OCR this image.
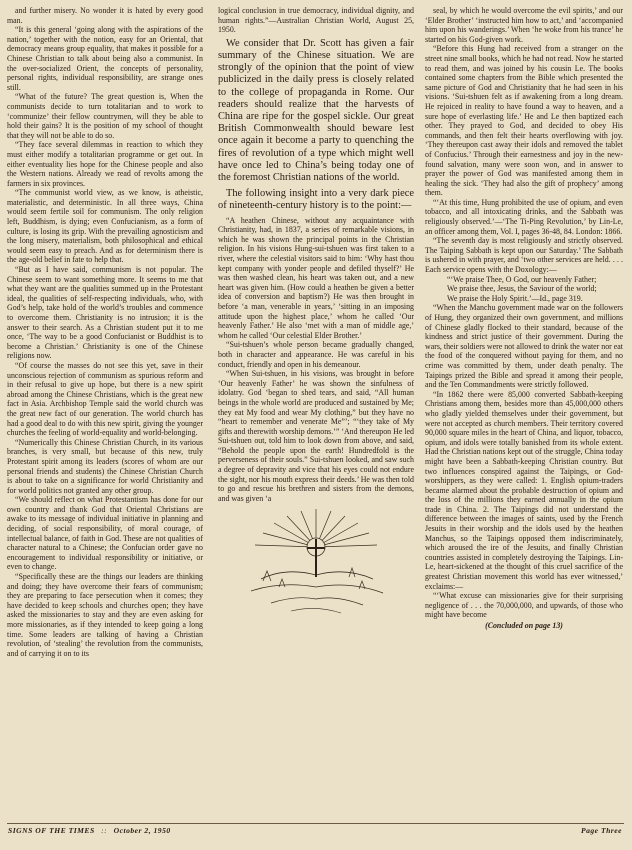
and further misery. No wonder it is hated by every good man.

“It is this general ‘going along with the aspirations of the nation,’ together with the notion, easy for an Oriental, that democracy means group equality, that makes it possible for a Chinese Christian to talk about being also a communist. In the over-socialized Orient, the concepts of personality, personal rights, individual responsibility, are strange ones still.

“What of the future? The great question is, When the communists decide to turn totalitarian and to work to ‘communize’ their fellow countrymen, will they be able to hold their gains? It is the position of my school of thought that they will not be able to do so.

“They face several dilemmas in reaction to which they must either modify a totalitarian programme or get out. In either eventuality lies hope for the Chinese people and also the Western nations. Already we read of revolts among the farmers in six provinces.

“The communist world view, as we know, is atheistic, materialistic, and deterministic. In all three ways, China would seem fertile soil for communism. The only religion left, Buddhism, is dying; even Confucianism, as a form of culture, is losing its grip. With the prevailing agnosticism and the long misery, materialism, both philosophical and ethical would seem easy to preach. And as for determinism there is the age-old belief in fate to help that.

“But as I have said, communism is not popular. The Chinese seem to want something more. It seems to me that what they want are the qualities summed up in the Protestant ideal, the qualities of self-respecting individuals, who, with God’s help, take hold of the world’s troubles and commence to overcome them. Christianity is no intrusion; it is the answer to their search. As a Christian student put it to me once, ‘The way to be a good Confucianist or Buddhist is to become a Christian.’ Christianity is one of the Chinese religions now.

“Of course the masses do not see this yet, save in their unconscious rejection of communism as spurious reform and in their refusal to give up hope, but there is a new spirit abroad among the Chinese Christians, which is the great new fact in Asia. Archbishop Temple said the world church was the great new fact of our generation. The world church has had a good deal to do with this new spirit, giving the younger churches the feeling of world-equality and world-belonging.

“Numerically this Chinese Christian Church, in its various branches, is very small, but because of this new, truly Protestant spirit among its leaders (scores of whom are our personal friends and students) the Chinese Christian Church is about to take on a significance for world Christianity and for world politics not granted any other group.

“We should reflect on what Protestantism has done for our own country and thank God that Oriental Christians are awake to its message of individual initiative in planning and deciding, of social responsibility, of moral courage, of intellectual balance, of faith in God. These are not qualities of character natural to a Chinese; the Confucian order gave no encouragement to individual responsibility or initiative, or even to change.

“Specifically these are the things our leaders are thinking and doing; they have overcome their fears of communism; they are preparing to face persecution when it comes; they have decided to keep schools and churches open; they have asked the missionaries to stay and they are even asking for more missionaries, as if they intended to keep going a long time. Some leaders are talking of having a Christian revolution, of ‘stealing’ the revolution from the communists, and of carrying it on to its

logical conclusion in true democracy, individual dignity, and human rights.”—Australian Christian World, August 25, 1950.

We consider that Dr. Scott has given a fair summary of the Chinese situation. We are strongly of the opinion that the point of view publicized in the daily press is closely related to the college of propaganda in Rome. Our readers should realize that the harvests of China are ripe for the gospel sickle. Our great British Commonwealth should beware lest once again it become a party to quenching the fires of revolution of a type which might well have once led to China’s being today one of the foremost Christian nations of the world.

The following insight into a very dark piece of nineteenth-century history is to the point:—

“A heathen Chinese, without any acquaintance with Christianity, had, in 1837, a series of remarkable visions, in which he was shown the principal points in the Christian religion. In his visions Hung-sui-tshuen was first taken to a river, where the celestial visitors said to him: ‘Why hast thou kept company with yonder people and defiled thyself?’ He was then washed clean, his heart was taken out, and a new heart was given him. (How could a heathen be given a better idea of conversion and baptism?) He was then brought in before ‘a man, venerable in years,’ ‘sitting in an imposing attitude upon the highest place,’ whom he called ‘Our heavenly Father.’ He also ‘met with a man of middle age,’ whom he called ‘Our celestial Elder Brother.’

“Sui-tshuen’s whole person became gradually changed, both in character and appearance. He was careful in his conduct, friendly and open in his demeanour.

“When Sui-tshuen, in his visions, was brought in before ‘Our heavenly Father’ he was shown the sinfulness of idolatry. God ‘began to shed tears, and said, “All human beings in the whole world are produced and sustained by Me; they eat My food and wear My clothing,” but they have no “heart to remember and venerate Me”’; “‘they take of My gifts and therewith worship demons.’” ‘And thereupon He led Sui-tshuen out, told him to look down from above, and said, “Behold the people upon the earth! Hundredfold is the perverseness of their souls.” Sui-tshuen looked, and saw such a degree of depravity and vice that his eyes could not endure the sight, nor his mouth express their deeds.’ He was then told to go and rescue his brethren and sisters from the demons, and was given ‘a

seal, by which he would overcome the evil spirits,’ and our ‘Elder Brother’ ‘instructed him how to act,’ and ‘accompanied him upon his wanderings.’ When ‘he woke from his trance’ he started on his God-given work.

“Before this Hung had received from a stranger on the street nine small books, which he had not read. Now he started to read them, and was joined by his cousin Le. The books contained some chapters from the Bible which presented the same picture of God and Christianity that he had seen in his visions. ‘Sui-tshuen felt as if awakening from a long dream. He rejoiced in reality to have found a way to heaven, and a sure hope of everlasting life.’ He and Le then baptized each other. They prayed to God, and decided to obey His commands, and then felt their hearts overflowing with joy. ‘They thereupon cast away their idols and removed the tablet of Confucius.’ Through their earnestness and joy in the new-found salvation, many were soon won, and in answer to prayer the power of God was manifested among them in healing the sick. ‘They had also the gift of prophecy’ among them.

“‘At this time, Hung prohibited the use of opium, and even tobacco, and all intoxicating drinks, and the Sabbath was religiously observed.’—‘The Ti-Ping Revolution,’ by Lin-Le, an officer among them, Vol. I, pages 36-48, 84. London: 1866.

“The seventh day is most religiously and strictly observed. The Taiping Sabbath is kept upon our Saturday.’ The Sabbath is ushered in with prayer, and ‘two other services are held. . . . Each service opens with the Doxology:—

“‘We praise Thee, O God, our heavenly Father;

We praise thee, Jesus, the Saviour of the world;

We praise the Holy Spirit.’—Id., page 319.

“When the Manchu government made war on the followers of Hung, they organized their own government, and millions of Chinese gladly flocked to their standard, because of the kindness and strict justice of their government. During the wars, their soldiers were not allowed to drink the water nor eat the food of the conquered without paying for them, and no crime was committed by them, under death penalty. The Taipings prized the Bible and spread it among their people, and the Ten Commandments were strictly followed.

“In 1862 there were 85,000 converted Sabbath-keeping Christians among them, besides more than 45,000,000 others who gladly yielded themselves under their government, but were not accepted as church members. Their territory covered 90,000 square miles in the heart of China, and liquor, tobacco, opium, and idols were totally banished from its whole extent. Had the Christian nations kept out of the struggle, China today might have been a Sabbath-keeping Christian country. But two influences conspired against the Taipings, or God-worshippers, as they were called: 1. English opium-traders became alarmed about the probable destruction of opium and the loss of the millions they earned annually in the opium trade in China. 2. The Taipings did not understand the difference between the images of saints, used by the French Jesuits in their worship and the idols used by the heathen Manchus, so the Taipings opposed them indiscriminately, which aroused the ire of the Jesuits, and finally Christian countries assisted in completely destroying the Taipings. Lin-Le, heart-sickened at the thought of this cruel sacrifice of the greatest Christian movement this world has ever witnessed,’ exclaims:—

“‘What excuse can missionaries give for their surprising negligence of . . . the 70,000,000, and upwards, of those who might have become

(Concluded on page 13)
SIGNS OF THE TIMES :: October 2, 1950	Page Three
